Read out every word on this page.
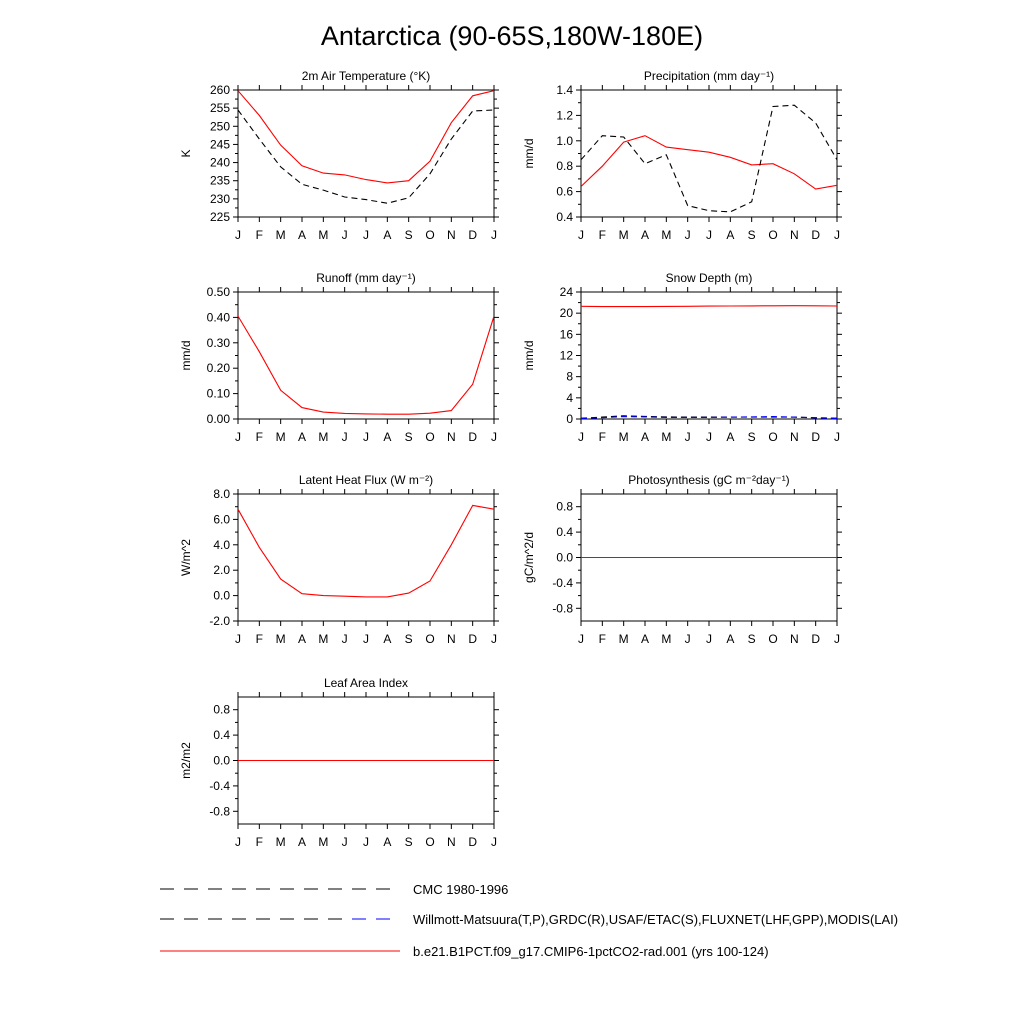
Antarctica (90-65S,180W-180E)
J F M A M J J A S O N D J
225
230
235
240
245
250
255
260
2m Air Temperature (°K)
K
J F M A M J J A S O N D J
0.4
0.6
0.8
1.0
1.2
1.4
Precipitation (mm day⁻¹)
mm/d
J F M A M J J A S O N D J
0.00
0.10
0.20
0.30
0.40
0.50
Runoff (mm day⁻¹)
mm/d
J F M A M J J A S O N D J
0
4
8
12
16
20
24
Snow Depth (m)
mm/d
J F M A M J J A S O N D J
-2.0
0.0
2.0
4.0
6.0
8.0
Latent Heat Flux (W m⁻²)
W/m^2
J F M A M J J A S O N D J
-0.8
-0.4
0.0
0.4
0.8
Photosynthesis (gC m⁻²day⁻¹)
gC/m^2/d
J F M A M J J A S O N D J
-0.8
-0.4
0.0
0.4
0.8
Leaf Area Index
m2/m2
CMC 1980-1996
Willmott-Matsuura(T,P),GRDC(R),USAF/ETAC(S),FLUXNET(LHF,GPP),MODIS(LAI)
b.e21.B1PCT.f09_g17.CMIP6-1pctCO2-rad.001 (yrs 100-124)
